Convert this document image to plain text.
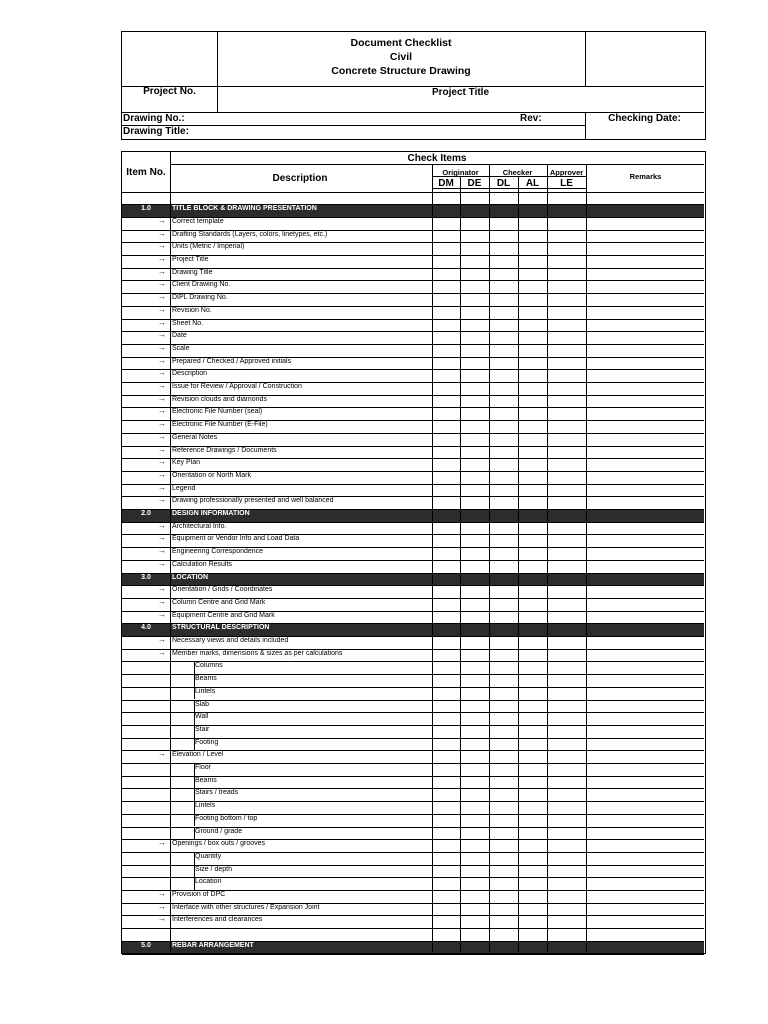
Document Checklist
Civil
Concrete Structure Drawing
Project No.	Project Title
Drawing No.:	Rev:	Checking Date:
Drawing Title:
Item No.
Description
Check Items
Originator	Checker	Approver	Remarks
DM	DE	DL	AL	LE
1.0	TITLE BLOCK & DRAWING PRESENTATION
→ Correct template
→ Drafting Standards (Layers, colors, linetypes, etc.)
→ Units (Metric / Imperial)
→ Project Title
→ Drawing Title
→ Client Drawing No.
→ DIPL Drawing No.
→ Revision No.
→ Sheet No.
→ Date
→ Scale
→ Prepared / Checked / Approved initials
→ Description
→ Issue for Review / Approval / Construction
→ Revision clouds and diamonds
→ Electronic File Number (seal)
→ Electronic File Number (E-File)
→ General Notes
→ Reference Drawings / Documents
→ Key Plan
→ Orientation or North Mark
→ Legend
→ Drawing professionally presented and well balanced
2.0	DESIGN INFORMATION
→ Architectural Info.
→ Equipment or Vendor Info and Load Data
→ Engineering Correspondence
→ Calculation Results
3.0	LOCATION
→ Orientation / Grids / Coordinates
→ Column Centre and Grid Mark
→ Equipment Centre and Grid Mark
4.0	STRUCTURAL DESCRIPTION
→ Necessary views and details included
→ Member marks, dimensions & sizes as per calculations
Columns
Beams
Lintels
Slab
Wall
Stair
Footing
→ Elevation / Level
Floor
Beams
Stairs / treads
Lintels
Footing bottom / top
Ground / grade
→ Openings / box outs / grooves
Quantity
Size / depth
Location
→ Provision of DPC
→ Interface with other structures / Expansion Joint
→ Interferences and clearances
5.0	REBAR ARRANGEMENT
